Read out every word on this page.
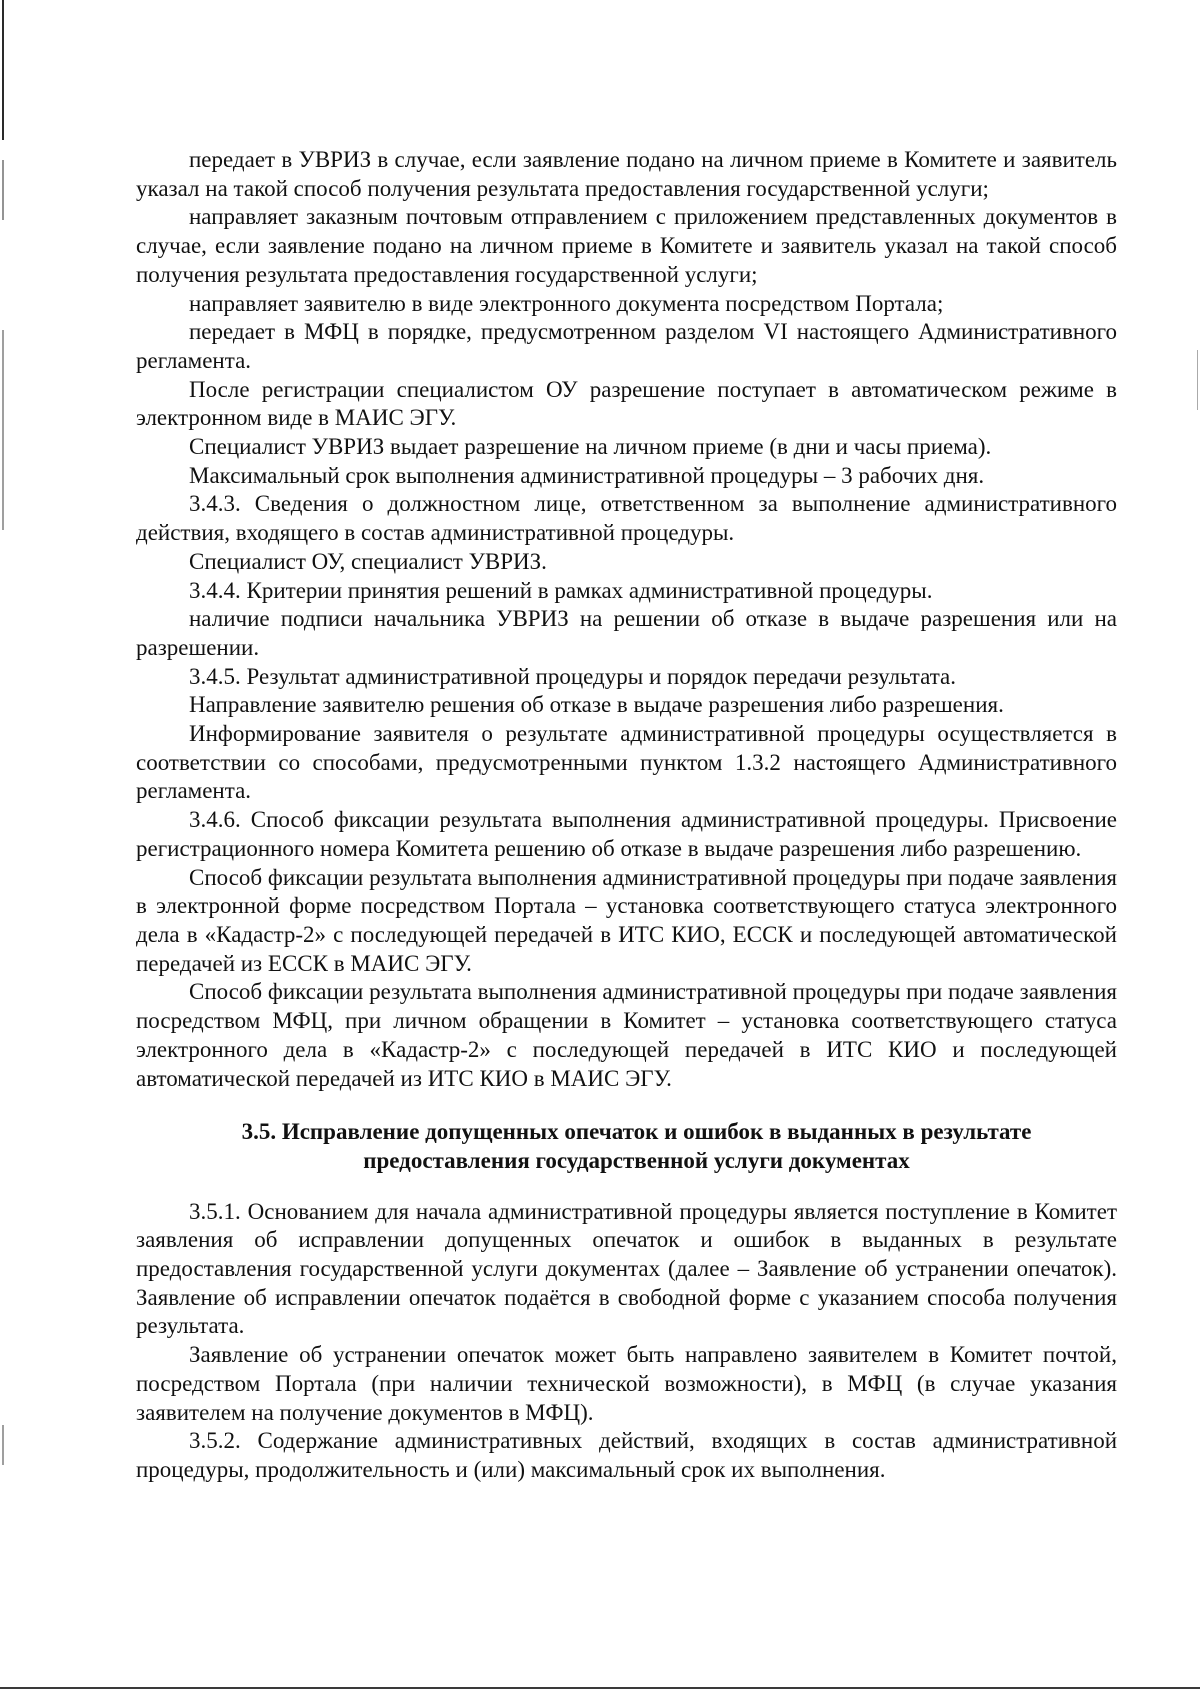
передает в УВРИЗ в случае, если заявление подано на личном приеме в Комитете и заявитель указал на такой способ получения результата предоставления государственной услуги;

направляет заказным почтовым отправлением с приложением представленных документов в случае, если заявление подано на личном приеме в Комитете и заявитель указал на такой способ получения результата предоставления государственной услуги;

направляет заявителю в виде электронного документа посредством Портала;

передает в МФЦ в порядке, предусмотренном разделом VI настоящего Административного регламента.

После регистрации специалистом ОУ разрешение поступает в автоматическом режиме в электронном виде в МАИС ЭГУ.

Специалист УВРИЗ выдает разрешение на личном приеме (в дни и часы приема).

Максимальный срок выполнения административной процедуры – 3 рабочих дня.

3.4.3. Сведения о должностном лице, ответственном за выполнение административного действия, входящего в состав административной процедуры.

Специалист ОУ, специалист УВРИЗ.

3.4.4. Критерии принятия решений в рамках административной процедуры.

наличие подписи начальника УВРИЗ на решении об отказе в выдаче разрешения или на разрешении.

3.4.5. Результат административной процедуры и порядок передачи результата.

Направление заявителю решения об отказе в выдаче разрешения либо разрешения.

Информирование заявителя о результате административной процедуры осуществляется в соответствии со способами, предусмотренными пунктом 1.3.2 настоящего Административного регламента.

3.4.6. Способ фиксации результата выполнения административной процедуры. Присвоение регистрационного номера Комитета решению об отказе в выдаче разрешения либо разрешению.

Способ фиксации результата выполнения административной процедуры при подаче заявления в электронной форме посредством Портала – установка соответствующего статуса электронного дела в «Кадастр-2» с последующей передачей в ИТС КИО, ЕССК и последующей автоматической передачей из ЕССК в МАИС ЭГУ.

Способ фиксации результата выполнения административной процедуры при подаче заявления посредством МФЦ, при личном обращении в Комитет – установка соответствующего статуса электронного дела в «Кадастр-2» с последующей передачей в ИТС КИО и последующей автоматической передачей из ИТС КИО в МАИС ЭГУ.

3.5. Исправление допущенных опечаток и ошибок в выданных в результате предоставления государственной услуги документах

3.5.1. Основанием для начала административной процедуры является поступление в Комитет заявления об исправлении допущенных опечаток и ошибок в выданных в результате предоставления государственной услуги документах (далее – Заявление об устранении опечаток). Заявление об исправлении опечаток подаётся в свободной форме с указанием способа получения результата.

Заявление об устранении опечаток может быть направлено заявителем в Комитет почтой, посредством Портала (при наличии технической возможности), в МФЦ (в случае указания заявителем на получение документов в МФЦ).

3.5.2. Содержание административных действий, входящих в состав административной процедуры, продолжительность и (или) максимальный срок их выполнения.
